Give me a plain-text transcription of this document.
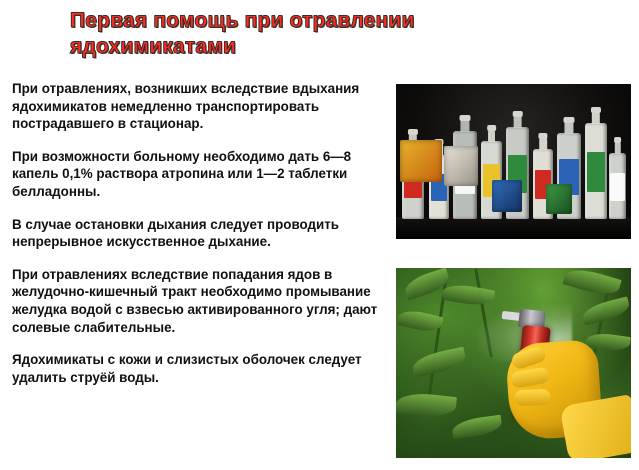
Первая помощь при отравлении ядохимикатами

При отравлениях, возникших вследствие вдыхания ядохимикатов немедленно транспортировать пострадавшего в стационар.

При возможности больному необходимо дать 6—8 капель 0,1% раствора атропина или 1—2 таблетки белладонны.

В случае остановки дыхания следует проводить непрерывное искусственное дыхание.

При отравлениях вследствие попадания ядов в желудочно-кишечный тракт необходимо промывание желудка водой с взвесью активированного угля; дают солевые слабительные.

Ядохимикаты с кожи и слизистых оболочек следует удалить струёй воды.
